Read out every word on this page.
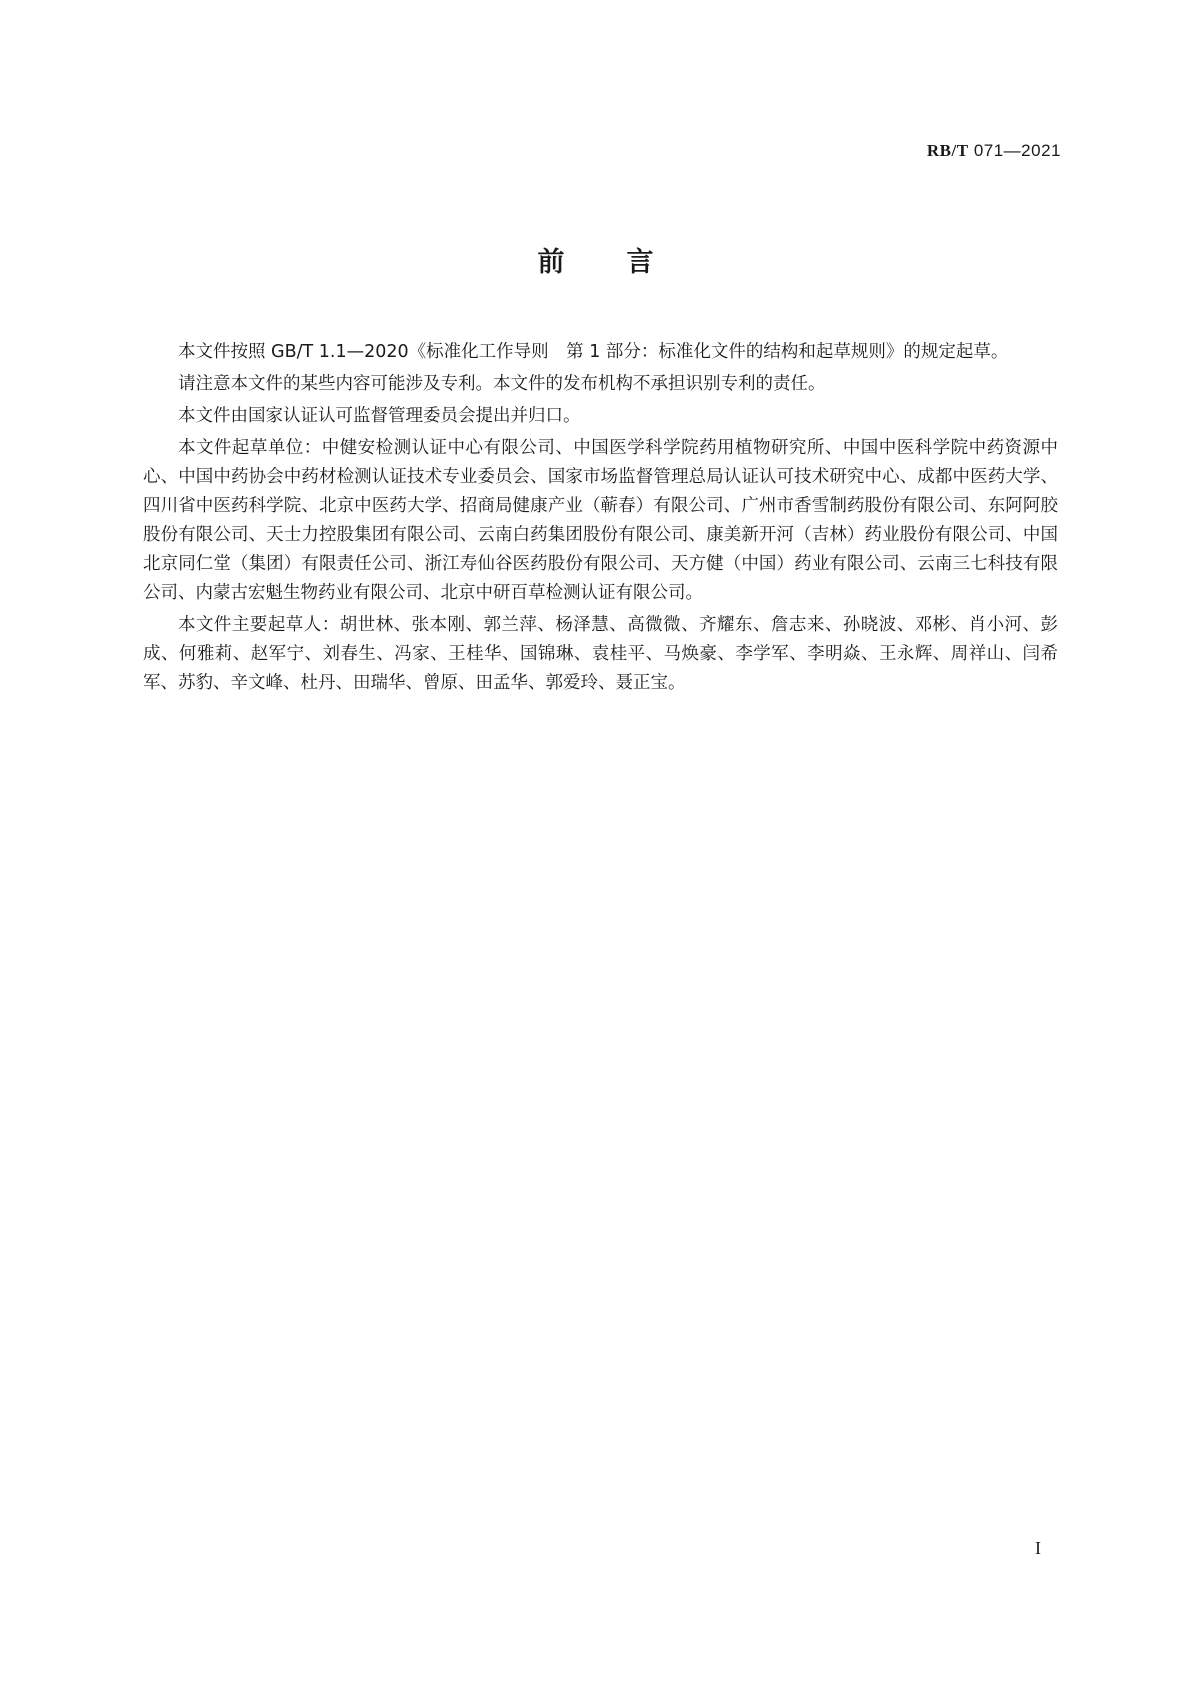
RB/T 071—2021
前言

本文件按照 GB/T 1.1—2020《标准化工作导则　第 1 部分：标准化文件的结构和起草规则》的规定起草。

请注意本文件的某些内容可能涉及专利。本文件的发布机构不承担识别专利的责任。

本文件由国家认证认可监督管理委员会提出并归口。

本文件起草单位：中健安检测认证中心有限公司、中国医学科学院药用植物研究所、中国中医科学院中药资源中心、中国中药协会中药材检测认证技术专业委员会、国家市场监督管理总局认证认可技术研究中心、成都中医药大学、四川省中医药科学院、北京中医药大学、招商局健康产业（蕲春）有限公司、广州市香雪制药股份有限公司、东阿阿胶股份有限公司、天士力控股集团有限公司、云南白药集团股份有限公司、康美新开河（吉林）药业股份有限公司、中国北京同仁堂（集团）有限责任公司、浙江寿仙谷医药股份有限公司、天方健（中国）药业有限公司、云南三七科技有限公司、内蒙古宏魁生物药业有限公司、北京中研百草检测认证有限公司。

本文件主要起草人：胡世林、张本刚、郭兰萍、杨泽慧、高微微、齐耀东、詹志来、孙晓波、邓彬、肖小河、彭成、何雅莉、赵军宁、刘春生、冯家、王桂华、国锦琳、袁桂平、马焕豪、李学军、李明焱、王永辉、周祥山、闫希军、苏豹、辛文峰、杜丹、田瑞华、曾原、田孟华、郭爱玲、聂正宝。

I
